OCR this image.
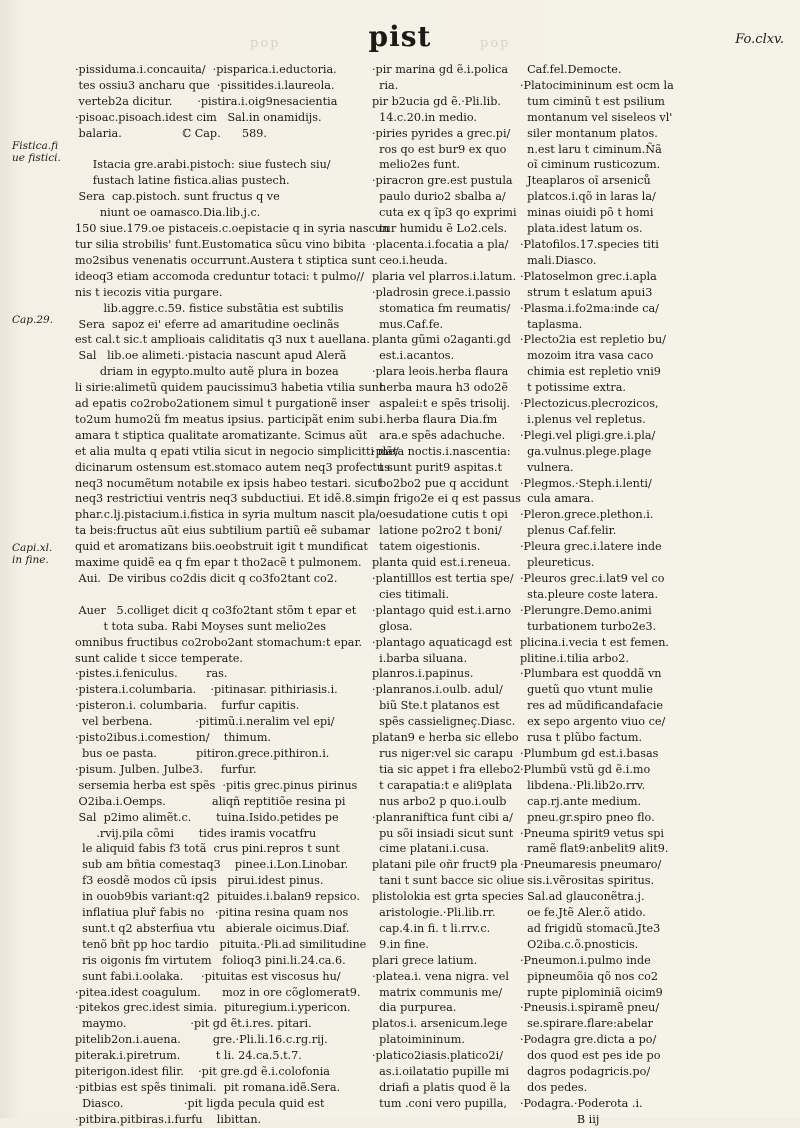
pop	pop
pist	Fo.clxv.
Fistica.fi
ue fistici.
Cap.29.
Capi.xl.
in fine.
·pissiduma.i.concauita/  ·pisparica.i.eductoria.
tes ossiu3 ancharu que  ·pissitides.i.laureola.
verteb2a dicitur.       ·pistira.i.oig9nesacientia
·pisoac.pisoach.idest cim   Sal.in onamidijs.
balaria.                 ℂ Cap.      589.

Istacia gre.arabi.pistoch: siue fustech siu/
fustach latine fistica.alias pustech.
Sera  cap.pistoch. sunt fructus q ve
niunt oe oamasco.Dia.lib.j.c.
150 siue.179.oe pistaceis.c.oepistacie q in syria nascun
tur silia strobilis' funt.Eustomatica sũcu vino bibita
mo2sibus venenatis occurrunt.Austera t stiptica sunt
ideoq3 etiam accomoda creduntur totaci: t pulmo//
nis t iecozis vitia purgare.
lib.aggre.c.59. fistice substãtia est subtilis
Sera  sapoz ei' eferre ad amaritudine oeclinãs
est cal.t sic.t amplioais caliditatis q3 nux t auellana.
Sal   lib.oe alimeti.·pistacia nascunt apud Alerã
driam in egypto.multo autẽ plura in bozea
li sirie:alimetũ quidem paucissimu3 habetia vtilia sunt
ad epatis co2robo2ationem simul t purgationẽ inser
to2um humo2ũ fm meatus ipsius. participãt enim sub
amara t stiptica qualitate aromatizante. Scimus aũt
et alia multa q epati vtilia sicut in negocio simplicitti me/
dicinarum ostensum est.stomaco autem neq3 profectus
neq3 nocumẽtum notabile ex ipsis habeo testari. sicut
neq3 restrictiui ventris neq3 subductiui. Et idẽ.8.simp.
phar.c.lj.pistacium.i.fistica in syria multum nascit pla/
ta beis:fructus aũt eius subtilium partiũ eẽ subamar
quid et aromatizans biis.oeobstruit igit t mundificat
maxime quidẽ ea q fm epar t tho2acẽ t pulmonem.
Aui.  De viribus co2dis dicit q co3fo2tant co2.

Auer   5.colliget dicit q co3fo2tant stõm t epar et
t tota suba. Rabi Moyses sunt melio2es
omnibus fructibus co2robo2ant stomachum:t epar.
sunt calide t sicce temperate.
·pistes.i.feniculus.        ras.
·pistera.i.columbaria.    ·pitinasar. pithiriasis.i.
·pisteron.i. columbaria.    furfur capitis.
vel berbena.            ·pitimũ.i.neralim vel epi/
·pisto2ibus.i.comestion/    thimum.
bus oe pasta.           pitiron.grece.pithiron.i.
·pisum. Julben. Julbe3.     furfur.
sersemia herba est spẽs  ·pitis grec.pinus pirinus
O2iba.i.Oemps.             aliqñ reptitiõe resina pi
Sal  p2imo alimẽt.c.       tuina.Isido.petides pe
.rvij.pila cõmi       tides iramis vocatfru
le aliquid fabis f3 totã  crus pini.repros t sunt
sub am bñtia comestaq3    pinee.i.Lon.Linobar.
f3 eosdẽ modos cũ ipsis   pirui.idest pinus.
in ouob9bis variant:q2  pituides.i.balan9 repsico.
inflatiua pluř fabis no   ·pitina resina quam nos
sunt.t q2 absterfiua vtu   abierale oicimus.Diaf.
tenõ bñt pp hoc tardio   pituita.·Pli.ad similitudine
ris oigonis fm virtutem   folioq3 pini.li.24.ca.6.
sunt fabi.i.oolaka.     ·pituitas est viscosus hu/
·pitea.idest coagulum.      moz in ore cõglomerat9.
·pitekos grec.idest simia.  pituregium.i.ypericon.
maymo.                  ·pit gd ẽt.i.res. pitari.
pitelib2on.i.auena.         gre.·Pli.li.16.c.rg.rij.
piterak.i.piretrum.          t li. 24.ca.5.t.7.
piterigon.idest filir.    ·pit gre.gd ẽ.i.colofonia
·pitbias est spẽs tinimali.  pit romana.idẽ.Sera.
Diasco.                 ·pit ligda pecula quid est
·pitbira.pitbiras.i.furfu    libittan.
·pir marina gd ẽ.i.polica
ria.
pir b2ucia gd ẽ.·Pli.lib.
14.c.20.in medio.
·piries pyrides a grec.pi/
ros qo est bur9 ex quo
melio2es funt.
·piracron gre.est pustula
paulo durio2 sbalba a/
cuta ex q ĩp3 qo exprimi
tur humidu ẽ Lo2.cels.
·placenta.i.focatia a pla/
ceo.i.heuda.
plaria vel plarros.i.latum.
·pladrosin grece.i.passio
stomatica fm reumatis/
mus.Caf.fe.
planta gũmi o2aganti.gd
est.i.acantos.
·plara leois.herba flaura
herba maura h3 odo2ẽ
aspalei:t e spẽs trisolij.
i.herba flaura Dia.fm
ara.e spẽs adachuche.
·plãta noctis.i.nascentia:
t sunt purit9 aspitas.t
bo2bo2 pue q accidunt
in frigo2e ei q est passus
oesudatione cutis t opi
latione po2ro2 t boni/
tatem oigestionis.
planta quid est.i.reneua.
·plantilllos est tertia spe/
cies titimali.
·plantago quid est.i.arno
glosa.
·plantago aquaticagd est
i.barba siluana.
planros.i.papinus.
·planranos.i.oulb. adul/
biũ Ste.t platanos est
spẽs cassieligneç.Diasc.
platan9 e herba sic ellebo
rus niger:vel sic carapu
tia sic appet i fra ellebo2
t carapatia:t e ali9plata
nus arbo2 p quo.i.oulb
·planraniftica funt cibi a/
pu sõi insiadi sicut sunt
cime platani.i.cusa.
platani pile oñr fruct9 pla
tani t sunt bacce sic oliue
plistolokia est grta species
aristologie.·Pli.lib.rr.
cap.4.in fi. t li.rrv.c.
9.in fine.
plari grece latium.
·platea.i. vena nigra. vel
matrix communis me/
dia purpurea.
platos.i. arsenicum.lege
platoimininum.
·platico2iasis.platico2i/
as.i.oilatatio pupille mi
driafi a platis quod ẽ la
tum .coni vero pupilla,
Caf.fel.Democte.
·Platocimininum est ocm la
tum ciminũ t est psilium
montanum vel siseleos vl'
siler montanum platos.
n.est laru t ciminum.Ñã
oĩ ciminum rusticozum.
Jteaplaros oĩ arseniců
platcos.i.qõ in laras la/
minas oiuidi põ t homi
plata.idest latum os.
·Platofilos.17.species titi
mali.Diasco.
·Platoselmon grec.i.apla
strum t eslatum apui3
·Plasma.i.fo2ma:inde ca/
taplasma.
·Plecto2ia est repletio bu/
mozoim itra vasa caco
chimia est repletio vni9
t potissime extra.
·Plectozicus.plecrozicos,
i.plenus vel repletus.
·Plegi.vel pligi.gre.i.pla/
ga.vulnus.plege.plage
vulnera.
·Plegmos.·Steph.i.lenti/
cula amara.
·Pleron.grece.plethon.i.
plenus Caf.felir.
·Pleura grec.i.latere inde
pleureticus.
·Pleuros grec.i.lat9 vel co
sta.pleure coste latera.
·Plerungre.Demo.animi
turbationem turbo2e3.
plicina.i.vecia t est femen.
plitine.i.tilia arbo2.
·Plumbara est quoddã vn
guetũ quo vtunt mulie
res ad mũdificandafacie
ex sepo argento viuo ce/
rusa t plũbo factum.
·Plumbum gd est.i.basas
·Plumbũ vstũ gd ẽ.i.mo
libdena.·Pli.lib2o.rrv.
cap.rj.ante medium.
pneu.gr.spiro pneo flo.
·Pneuma spirit9 vetus spi
ramẽ flat9:anbelit9 alit9.
·Pneumaresis pneumaro/
sis.i.vẽrositas spiritus.
Sal.ad glauconẽtra.j.
oe fe.Jtẽ Aler.õ atido.
ad frigidũ stomacũ.Jte3
O2iba.c.õ.pnosticis.
·Pneumon.i.pulmo inde
pipneumõia qõ nos co2
rupte piplominiã oicim9
·Pneusis.i.spiramẽ pneu/
se.spirare.flare:abelar
·Podagra gre.dicta a po/
dos quod est pes ide po
dagros podagricis.po/
dos pedes.
·Podagra.·Poderota .i.
B iij
